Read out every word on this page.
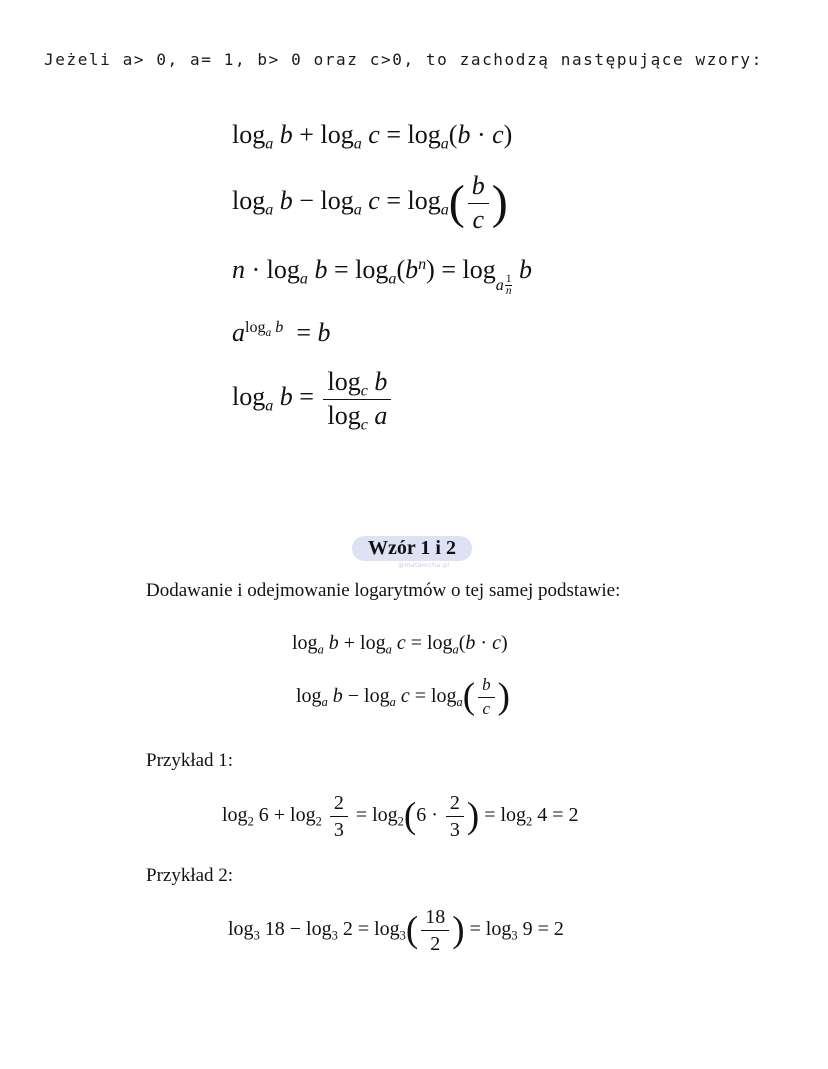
Jeżeli a> 0, a= 1, b> 0 oraz c>0, to zachodzą następujące wzory:
$\log_a b + \log_a c = \log_a(b \cdot c)$
$\log_a b - \log_a c = \log_a( \frac{b}{c}$ )
$n \cdot \log_a b = \log_a(b^n) = \log_{a \frac{1}{n}}$
b
$a^{log_a b} = b$
$\log_a b = \frac{\log_c b}{\log_c a}$
Wzór 1 i 2
@matamcha.pl
Dodawanie i odejmowanie logarytmów o tej samej podstawie:
$\log_a b + \log_a c = \log_a(b \cdot c)$
$\log_a b - \log_a c = \log_a( \frac{b}{c}$ )
Przykład 1:
$\log_2 6 + \log_2 \frac{2}{3} = \log_2(6 \cdot \frac{2}{3}$ ) = $\log_2 4 = 2$
Przykład 2:
$\log_3 18 - \log_3 2 = \log_3( \frac{18}{2}$ ) = $\log_3 9 = 2$
